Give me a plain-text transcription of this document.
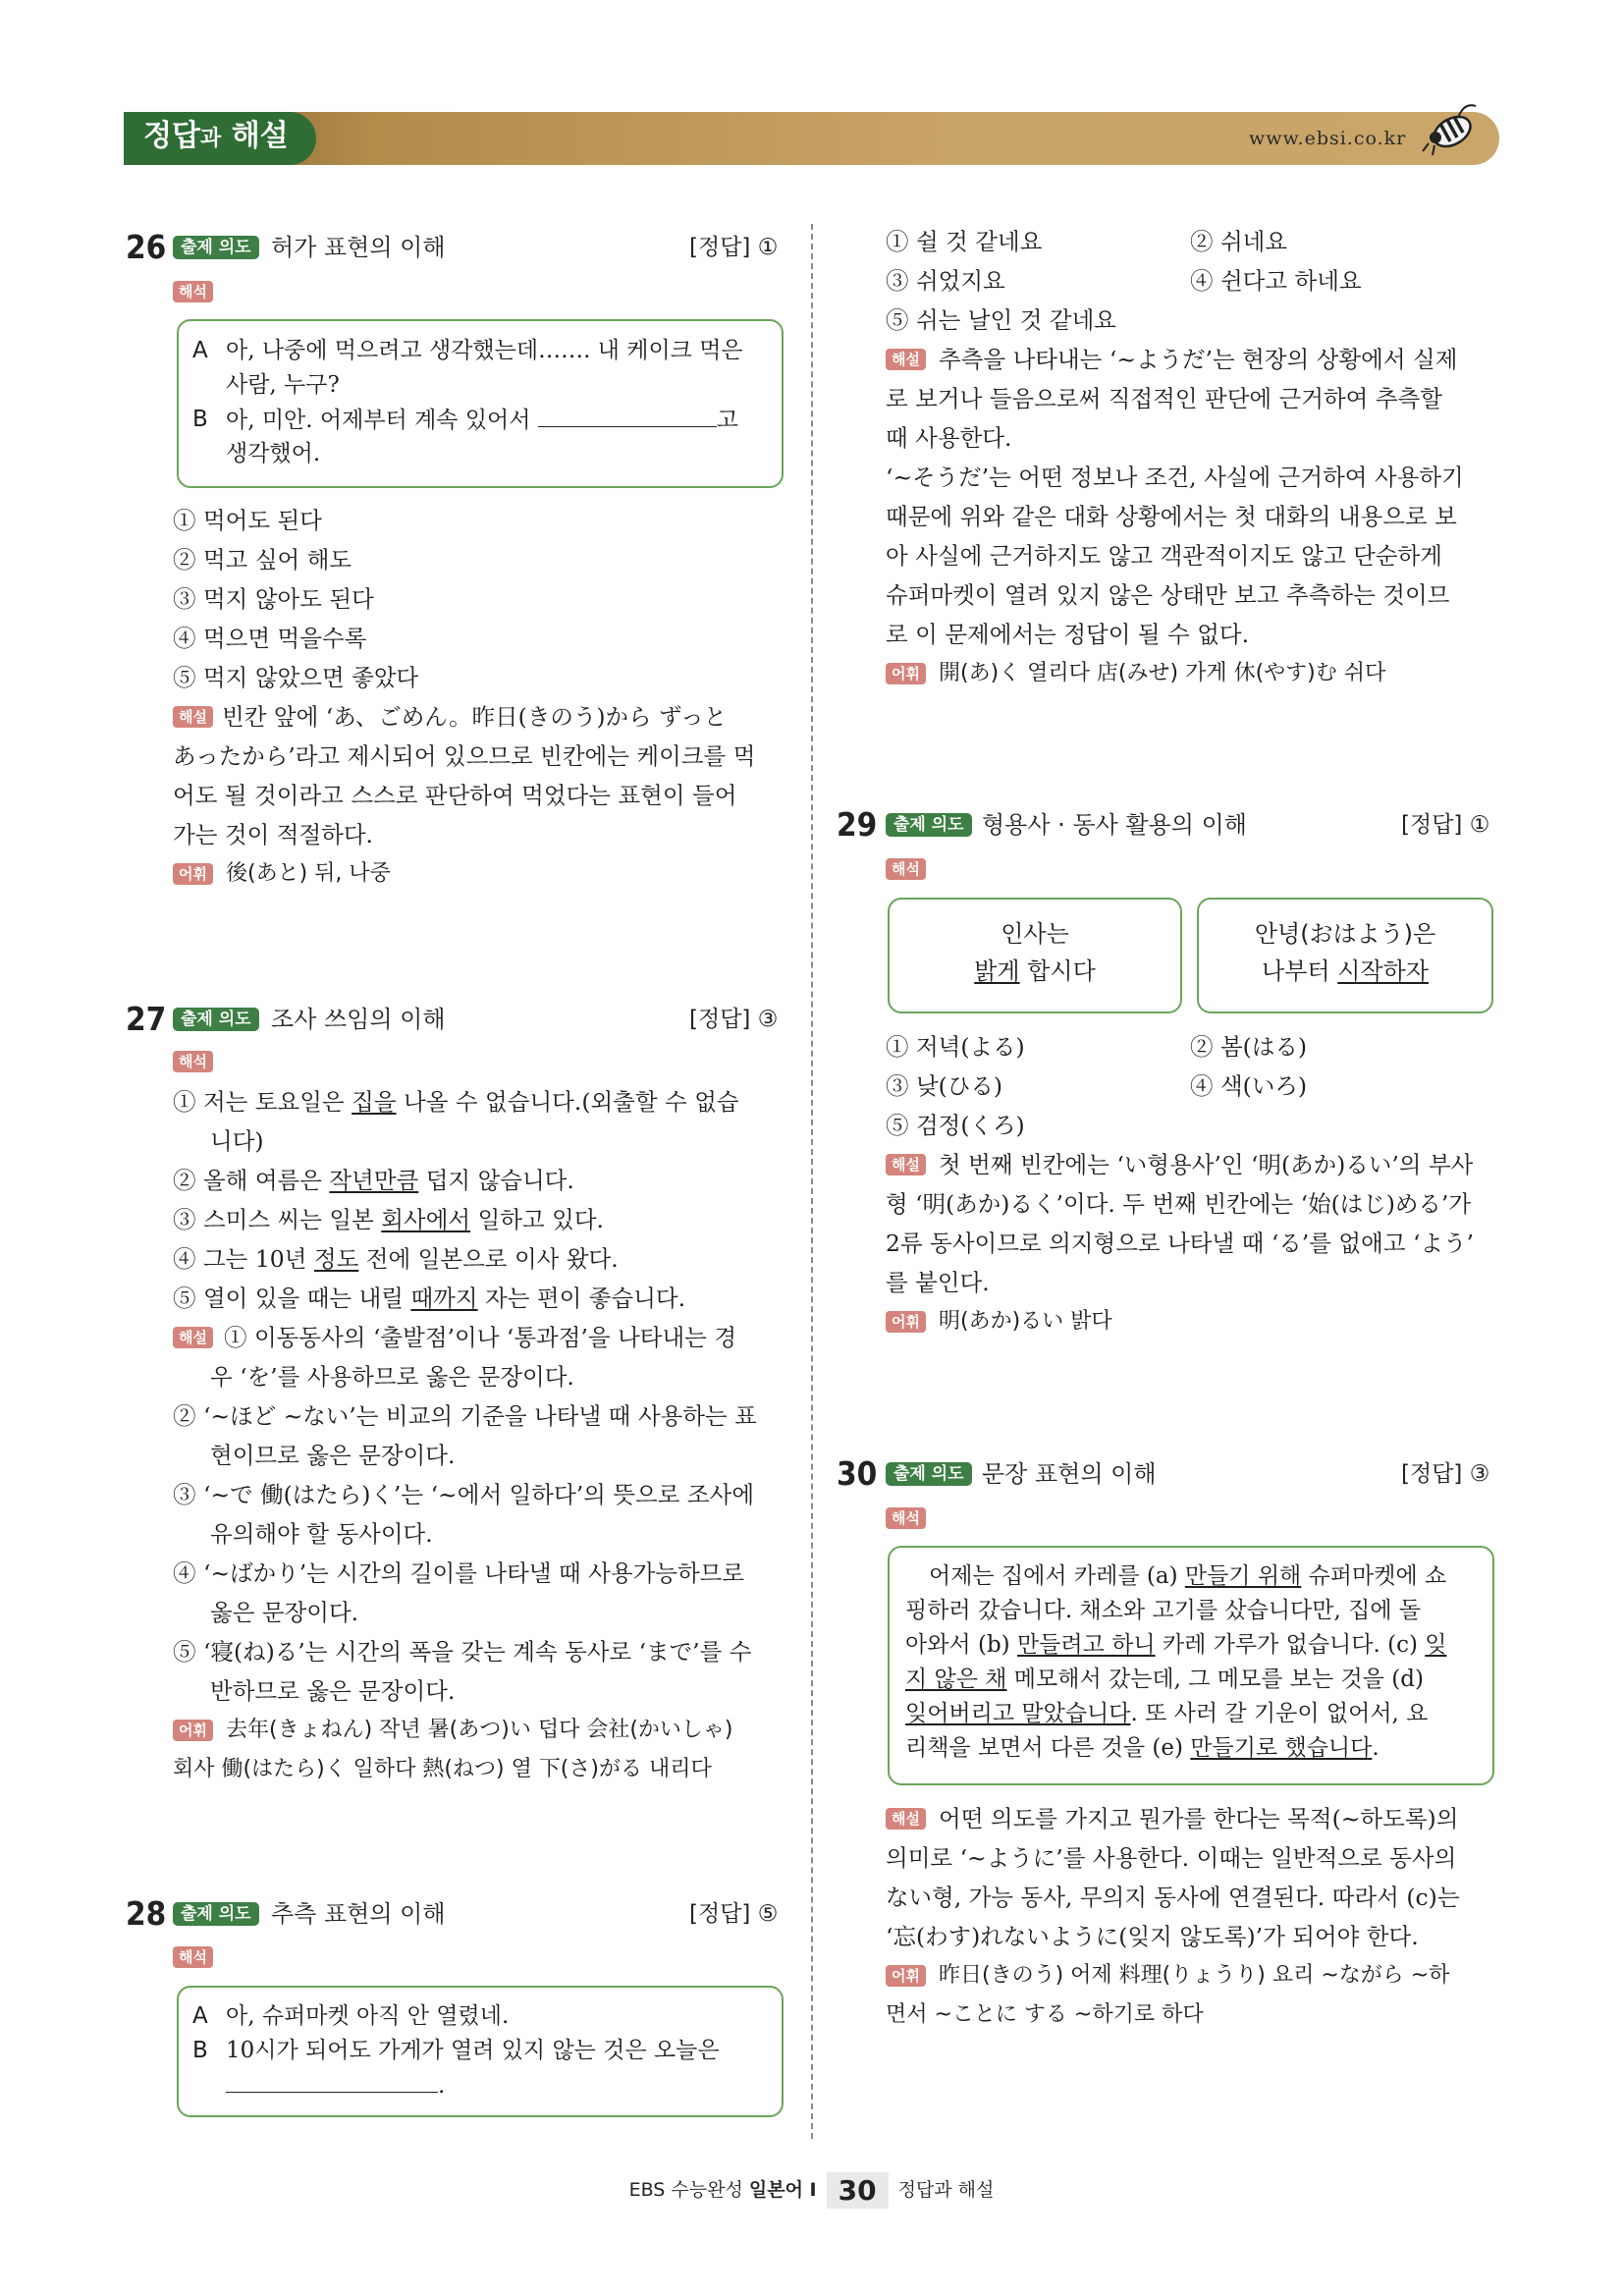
정답과 해설	www.ebsi.co.kr
26 출제 의도 허가 표현의 이해	[정답] ①
해석
A 아, 나중에 먹으려고 생각했는데……. 내 케이크 먹은
사람, 누구?
B 아, 미안. 어제부터 계속 있어서	고
생각했어.
① 먹어도 된다
② 먹고 싶어 해도
③ 먹지 않아도 된다
④ 먹으면 먹을수록
⑤ 먹지 않았으면 좋았다
해설 빈칸 앞에 ‘あ、ごめん。昨日(きのう)から ずっと
あったから’라고 제시되어 있으므로 빈칸에는 케이크를 먹
어도 될 것이라고 스스로 판단하여 먹었다는 표현이 들어
가는 것이 적절하다.
어휘 後(あと) 뒤, 나중
27 출제 의도 조사 쓰임의 이해	[정답] ③
해석
① 저는 토요일은 집을 나올 수 없습니다.(외출할 수 없습
니다)
② 올해 여름은 작년만큼 덥지 않습니다.
③ 스미스 씨는 일본 회사에서 일하고 있다.
④ 그는 10년 정도 전에 일본으로 이사 왔다.
⑤ 열이 있을 때는 내릴 때까지 자는 편이 좋습니다.
해설 ① 이동동사의 ‘출발점’이나 ‘통과점’을 나타내는 경
우 ‘を’를 사용하므로 옳은 문장이다.
② ‘~ほど ~ない’는 비교의 기준을 나타낼 때 사용하는 표
현이므로 옳은 문장이다.
③ ‘~で 働(はたら)く’는 ‘~에서 일하다’의 뜻으로 조사에
유의해야 할 동사이다.
④ ‘~ばかり’는 시간의 길이를 나타낼 때 사용가능하므로
옳은 문장이다.
⑤ ‘寝(ね)る’는 시간의 폭을 갖는 계속 동사로 ‘まで’를 수
반하므로 옳은 문장이다.
어휘 去年(きょねん) 작년 暑(あつ)い 덥다 会社(かいしゃ)
회사 働(はたら)く 일하다 熱(ねつ) 열 下(さ)がる 내리다
28 출제 의도 추측 표현의 이해	[정답] ⑤
해석
A 아, 슈퍼마켓 아직 안 열렸네.
B 10시가 되어도 가게가 열려 있지 않는 것은 오늘은
.
① 쉴 것 같네요	② 쉬네요
③ 쉬었지요	④ 쉰다고 하네요
⑤ 쉬는 날인 것 같네요
해설 추측을 나타내는 ‘~ようだ’는 현장의 상황에서 실제
로 보거나 들음으로써 직접적인 판단에 근거하여 추측할
때 사용한다.
‘~そうだ’는 어떤 정보나 조건, 사실에 근거하여 사용하기
때문에 위와 같은 대화 상황에서는 첫 대화의 내용으로 보
아 사실에 근거하지도 않고 객관적이지도 않고 단순하게
슈퍼마켓이 열려 있지 않은 상태만 보고 추측하는 것이므
로 이 문제에서는 정답이 될 수 없다.
어휘 開(あ)く 열리다 店(みせ) 가게 休(やす)む 쉬다
29 출제 의도 형용사 · 동사 활용의 이해	[정답] ①
해석
인사는
밝게 합시다
안녕(おはよう)은
나부터 시작하자
① 저녁(よる)	② 봄(はる)
③ 낮(ひる)	④ 색(いろ)
⑤ 검정(くろ)
해설 첫 번째 빈칸에는 ‘い형용사’인 ‘明(あか)るい’의 부사
형 ‘明(あか)るく’이다. 두 번째 빈칸에는 ‘始(はじ)める’가
2류 동사이므로 의지형으로 나타낼 때 ‘る’를 없애고 ‘よう’
를 붙인다.
어휘 明(あか)るい 밝다
30 출제 의도 문장 표현의 이해	[정답] ③
해석
어제는 집에서 카레를 (a) 만들기 위해 슈퍼마켓에 쇼
핑하러 갔습니다. 채소와 고기를 샀습니다만, 집에 돌
아와서 (b) 만들려고 하니 카레 가루가 없습니다. (c) 잊
지 않은 채 메모해서 갔는데, 그 메모를 보는 것을 (d)
잊어버리고 말았습니다. 또 사러 갈 기운이 없어서, 요
리책을 보면서 다른 것을 (e) 만들기로 했습니다.
해설 어떤 의도를 가지고 뭔가를 한다는 목적(~하도록)의
의미로 ‘~ように’를 사용한다. 이때는 일반적으로 동사의
ない형, 가능 동사, 무의지 동사에 연결된다. 따라서 (c)는
‘忘(わす)れないように(잊지 않도록)’가 되어야 한다.
어휘 昨日(きのう) 어제 料理(りょうり) 요리 ~ながら ~하
면서 ~ことに する ~하기로 하다
EBS 수능완성 일본어 Ⅰ 30 정답과 해설
